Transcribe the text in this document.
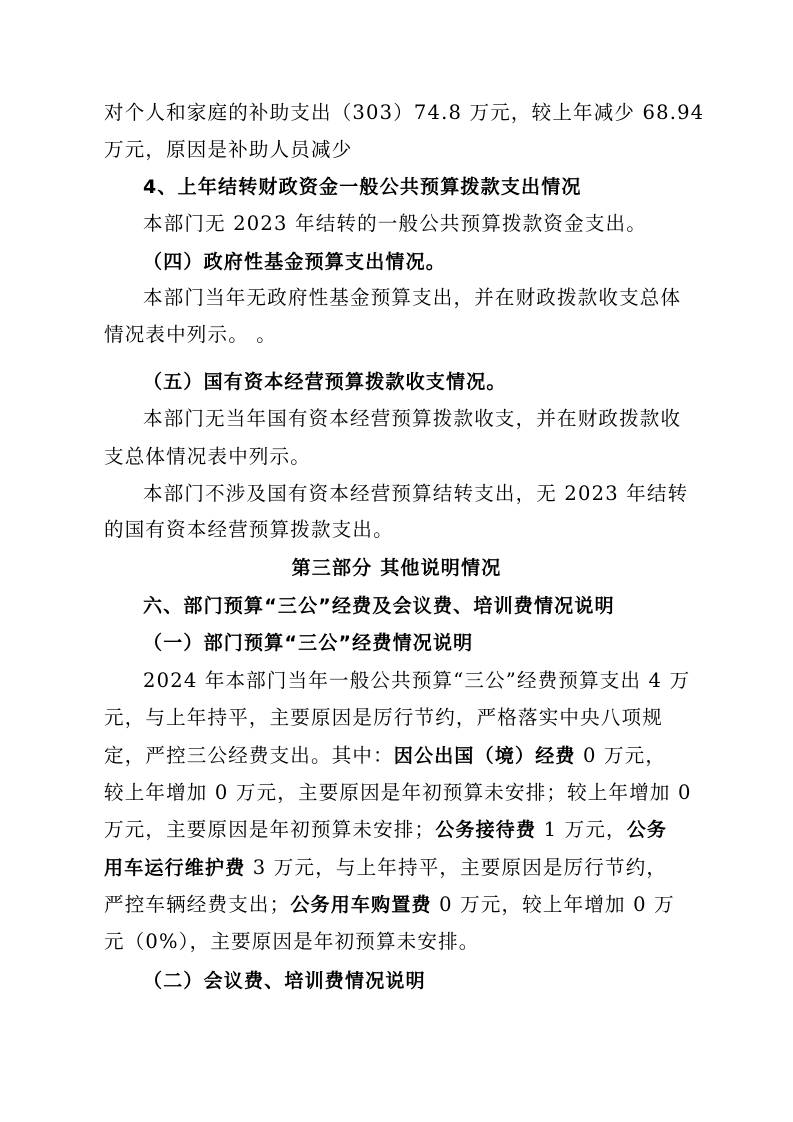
对个人和家庭的补助支出（303）74.8 万元，较上年减少 68.94
万元，原因是补助人员减少
4、上年结转财政资金一般公共预算拨款支出情况
本部门无 2023 年结转的一般公共预算拨款资金支出。
（四）政府性基金预算支出情况。
本部门当年无政府性基金预算支出，并在财政拨款收支总体
情况表中列示。 。
（五）国有资本经营预算拨款收支情况。
本部门无当年国有资本经营预算拨款收支，并在财政拨款收
支总体情况表中列示。
本部门不涉及国有资本经营预算结转支出，无 2023 年结转
的国有资本经营预算拨款支出。
第三部分 其他说明情况
六、部门预算“三公”经费及会议费、培训费情况说明
（一）部门预算“三公”经费情况说明
2024 年本部门当年一般公共预算“三公”经费预算支出 4 万
元，与上年持平，主要原因是厉行节约，严格落实中央八项规
定，严控三公经费支出。其中：因公出国（境）经费 0 万元，
较上年增加 0 万元，主要原因是年初预算未安排；较上年增加 0
万元，主要原因是年初预算未安排；公务接待费 1 万元，公务
用车运行维护费 3 万元，与上年持平，主要原因是厉行节约，
严控车辆经费支出；公务用车购置费 0 万元，较上年增加 0 万
元（0%），主要原因是年初预算未安排。
（二）会议费、培训费情况说明
